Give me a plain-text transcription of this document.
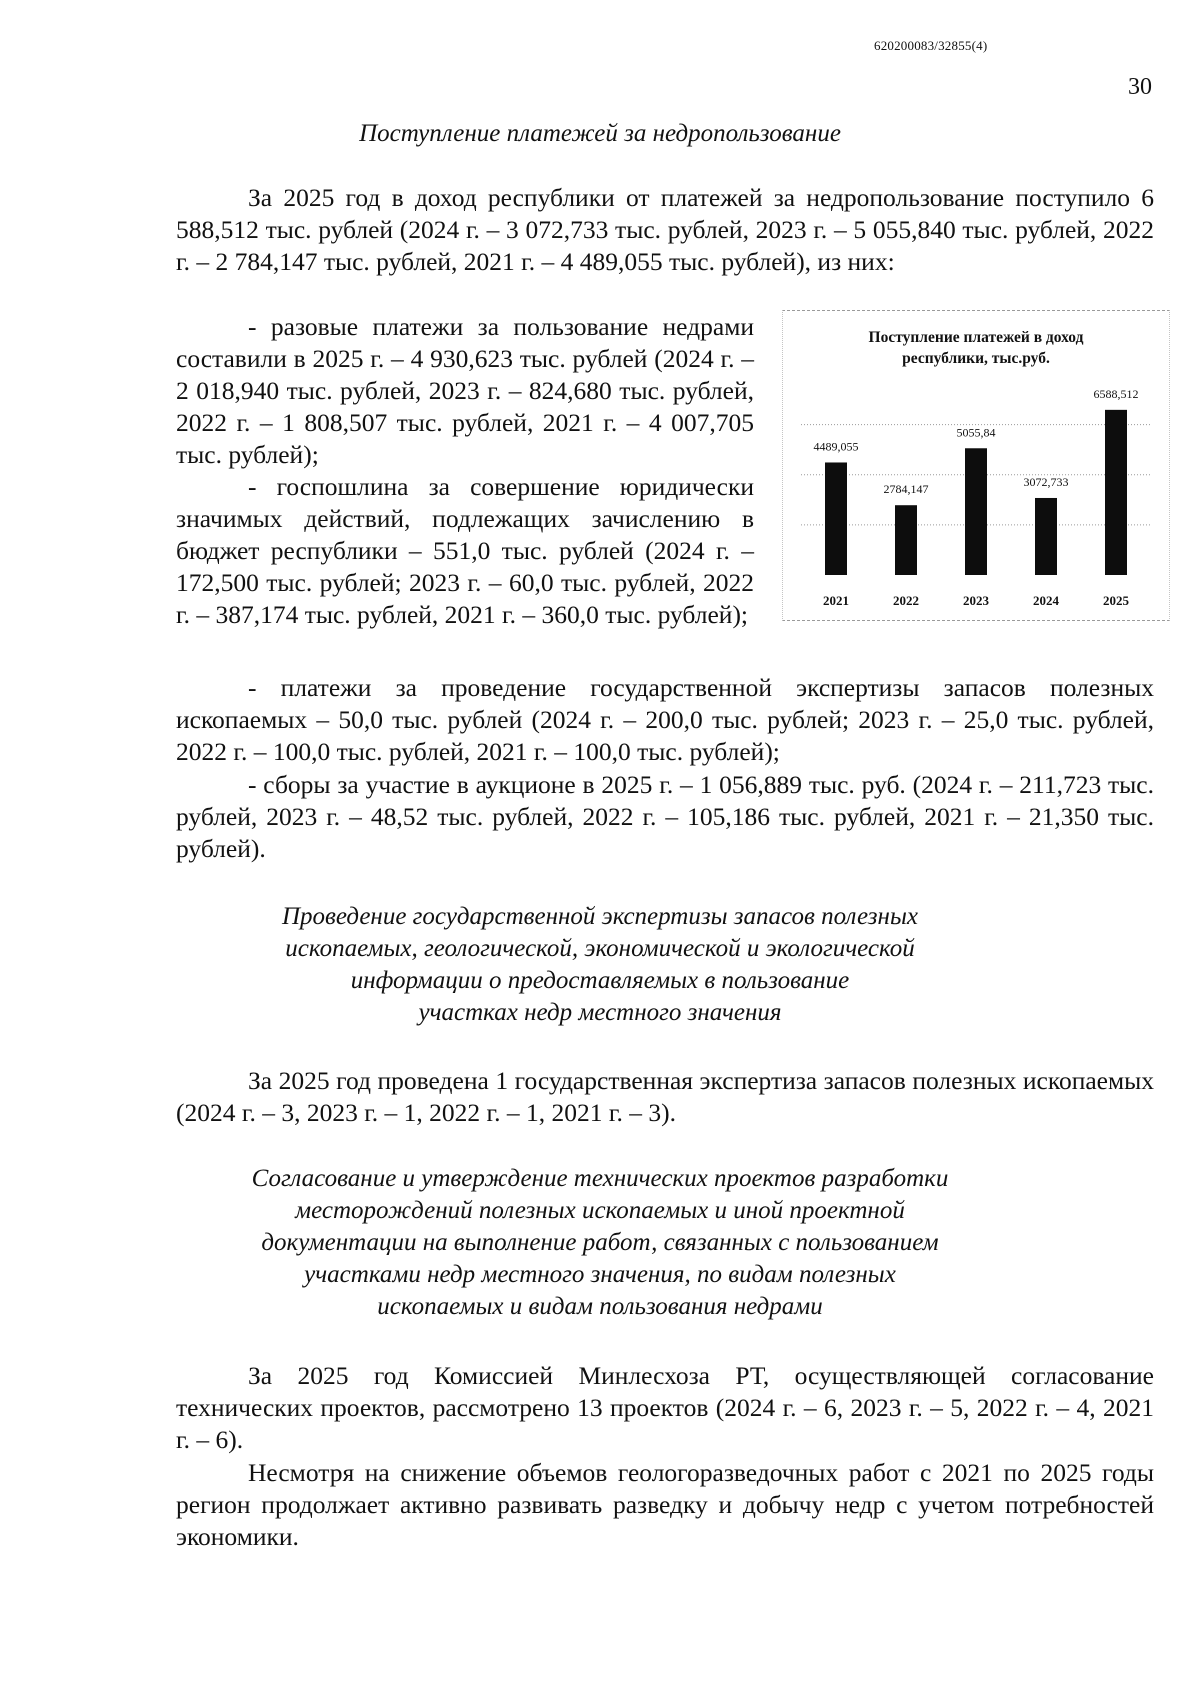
620200083/32855(4)
30
Поступление платежей за недропользование
За 2025 год в доход республики от платежей за недропользование поступило 6 588,512 тыс. рублей (2024 г. – 3 072,733 тыс. рублей, 2023 г. – 5 055,840 тыс. рублей, 2022 г. – 2 784,147 тыс. рублей, 2021 г. – 4 489,055 тыс. рублей), из них:
- разовые платежи за пользование недрами составили в 2025 г. – 4 930,623 тыс. рублей (2024 г. – 2 018,940 тыс. рублей, 2023 г. – 824,680 тыс. рублей, 2022 г. – 1 808,507 тыс. рублей, 2021 г. – 4 007,705 тыс. рублей);
- госпошлина за совершение юридически значимых действий, подлежащих зачислению в бюджет республики – 551,0 тыс. рублей (2024 г. – 172,500 тыс. рублей; 2023 г. – 60,0 тыс. рублей, 2022 г. – 387,174 тыс. рублей, 2021 г. – 360,0 тыс. рублей);
- платежи за проведение государственной экспертизы запасов полезных ископаемых – 50,0 тыс. рублей (2024 г. – 200,0 тыс. рублей; 2023 г. – 25,0 тыс. рублей, 2022 г. – 100,0 тыс. рублей, 2021 г. – 100,0 тыс. рублей);
- сборы за участие в аукционе в 2025 г. – 1 056,889 тыс. руб. (2024 г. – 211,723 тыс. рублей, 2023 г. – 48,52 тыс. рублей, 2022 г. – 105,186 тыс. рублей, 2021 г. – 21,350 тыс. рублей).
Поступление платежей в доход
республики, тыс.руб.
4489,055
2021
2784,147
2022
5055,84
2023
3072,733
2024
6588,512
2025
Проведение государственной экспертизы запасов полезных
ископаемых, геологической, экономической и экологической
информации о предоставляемых в пользование
участках недр местного значения
За 2025 год проведена 1 государственная экспертиза запасов полезных ископаемых (2024 г. – 3, 2023 г. – 1, 2022 г. – 1, 2021 г. – 3).
Согласование и утверждение технических проектов разработки
месторождений полезных ископаемых и иной проектной
документации на выполнение работ, связанных с пользованием
участками недр местного значения, по видам полезных
ископаемых и видам пользования недрами
За 2025 год Комиссией Минлесхоза РТ, осуществляющей согласование технических проектов, рассмотрено 13 проектов (2024 г. – 6, 2023 г. – 5, 2022 г. – 4, 2021 г. – 6).
Несмотря на снижение объемов геологоразведочных работ с 2021 по 2025 годы регион продолжает активно развивать разведку и добычу недр с учетом потребностей экономики.
